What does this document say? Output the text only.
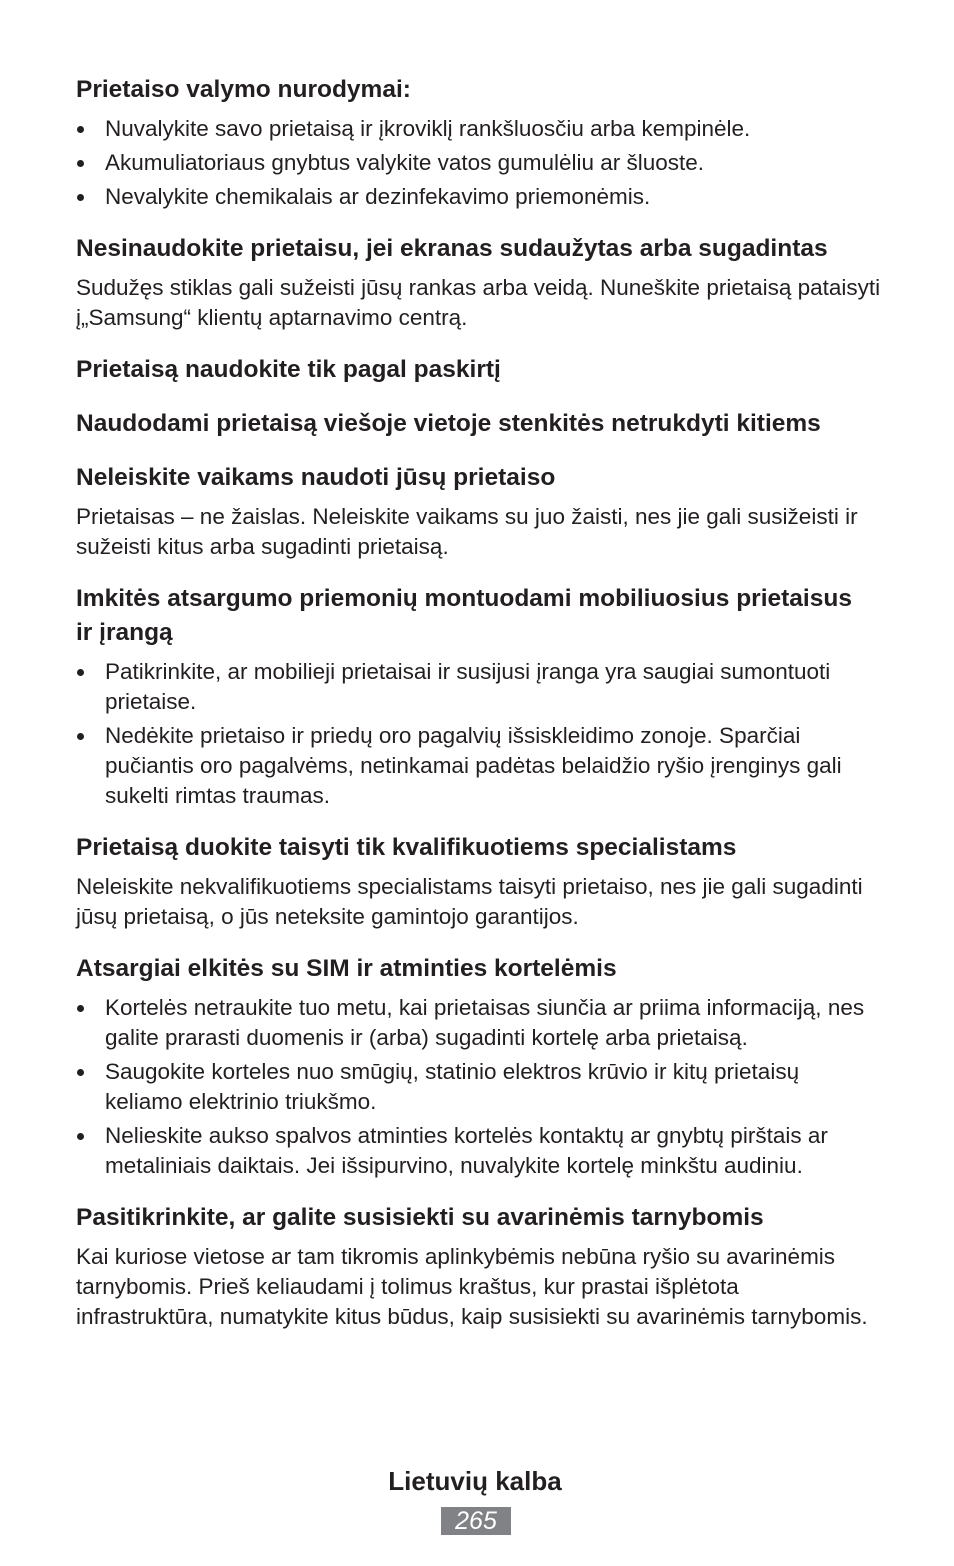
Prietaiso valymo nurodymai:
Nuvalykite savo prietaisą ir įkroviklį rankšluosčiu arba kempinėle.
Akumuliatoriaus gnybtus valykite vatos gumulėliu ar šluoste.
Nevalykite chemikalais ar dezinfekavimo priemonėmis.
Nesinaudokite prietaisu, jei ekranas sudaužytas arba sugadintas
Sudužęs stiklas gali sužeisti jūsų rankas arba veidą. Nuneškite prietaisą pataisyti
į„Samsung“ klientų aptarnavimo centrą.
Prietaisą naudokite tik pagal paskirtį
Naudodami prietaisą viešoje vietoje stenkitės netrukdyti kitiems
Neleiskite vaikams naudoti jūsų prietaiso
Prietaisas – ne žaislas. Neleiskite vaikams su juo žaisti, nes jie gali susižeisti ir
sužeisti kitus arba sugadinti prietaisą.
Imkitės atsargumo priemonių montuodami mobiliuosius prietaisus
ir įrangą
Patikrinkite, ar mobilieji prietaisai ir susijusi įranga yra saugiai sumontuoti
prietaise.
Nedėkite prietaiso ir priedų oro pagalvių išsiskleidimo zonoje. Sparčiai
pučiantis oro pagalvėms, netinkamai padėtas belaidžio ryšio įrenginys gali
sukelti rimtas traumas.
Prietaisą duokite taisyti tik kvalifikuotiems specialistams
Neleiskite nekvalifikuotiems specialistams taisyti prietaiso, nes jie gali sugadinti
jūsų prietaisą, o jūs neteksite gamintojo garantijos.
Atsargiai elkitės su SIM ir atminties kortelėmis
Kortelės netraukite tuo metu, kai prietaisas siunčia ar priima informaciją, nes
galite prarasti duomenis ir (arba) sugadinti kortelę arba prietaisą.
Saugokite korteles nuo smūgių, statinio elektros krūvio ir kitų prietaisų
keliamo elektrinio triukšmo.
Nelieskite aukso spalvos atminties kortelės kontaktų ar gnybtų pirštais ar
metaliniais daiktais. Jei išsipurvino, nuvalykite kortelę minkštu audiniu.
Pasitikrinkite, ar galite susisiekti su avarinėmis tarnybomis
Kai kuriose vietose ar tam tikromis aplinkybėmis nebūna ryšio su avarinėmis
tarnybomis. Prieš keliaudami į tolimus kraštus, kur prastai išplėtota
infrastruktūra, numatykite kitus būdus, kaip susisiekti su avarinėmis tarnybomis.
Lietuvių kalba
265
